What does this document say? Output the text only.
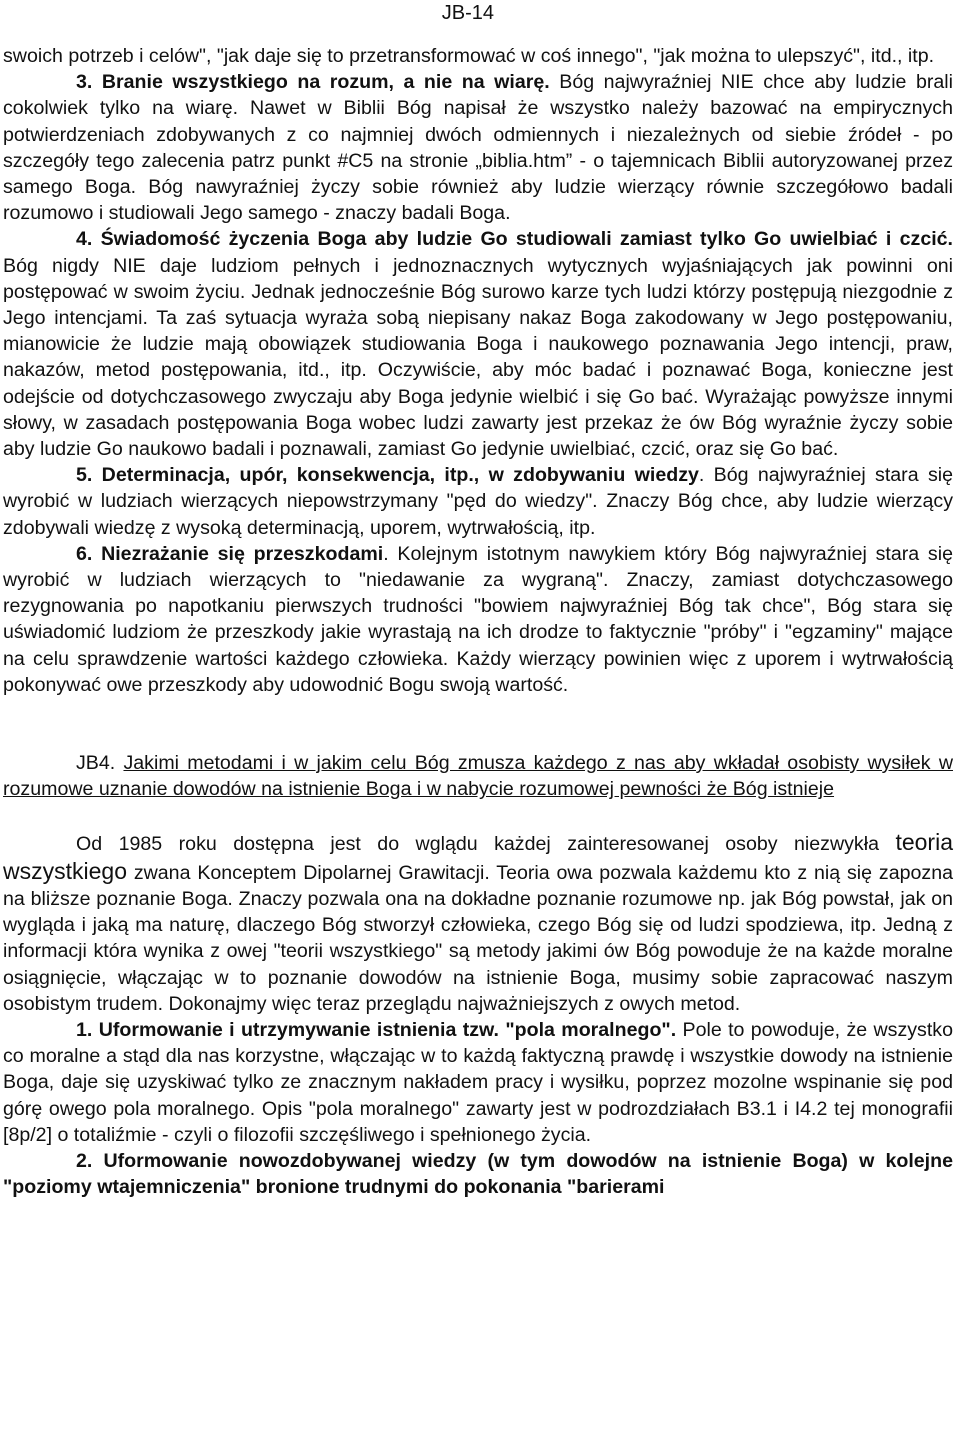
JB-14

swoich potrzeb i celów", "jak daje się to przetransformować w coś innego", "jak można to ulepszyć", itd., itp.

3. Branie wszystkiego na rozum, a nie na wiarę. Bóg najwyraźniej NIE chce aby ludzie brali cokolwiek tylko na wiarę. Nawet w Biblii Bóg napisał że wszystko należy bazować na empirycznych potwierdzeniach zdobywanych z co najmniej dwóch odmiennych i niezależnych od siebie źródeł - po szczegóły tego zalecenia patrz punkt #C5 na stronie „biblia.htm” - o tajemnicach Biblii autoryzowanej przez samego Boga. Bóg nawyraźniej życzy sobie również aby ludzie wierzący równie szczegółowo badali rozumowo i studiowali Jego samego - znaczy badali Boga.

4. Świadomość życzenia Boga aby ludzie Go studiowali zamiast tylko Go uwielbiać i czcić. Bóg nigdy NIE daje ludziom pełnych i jednoznacznych wytycznych wyjaśniających jak powinni oni postępować w swoim życiu. Jednak jednocześnie Bóg surowo karze tych ludzi którzy postępują niezgodnie z Jego intencjami. Ta zaś sytuacja wyraża sobą niepisany nakaz Boga zakodowany w Jego postępowaniu, mianowicie że ludzie mają obowiązek studiowania Boga i naukowego poznawania Jego intencji, praw, nakazów, metod postępowania, itd., itp. Oczywiście, aby móc badać i poznawać Boga, konieczne jest odejście od dotychczasowego zwyczaju aby Boga jedynie wielbić i się Go bać. Wyrażając powyższe innymi słowy, w zasadach postępowania Boga wobec ludzi zawarty jest przekaz że ów Bóg wyraźnie życzy sobie aby ludzie Go naukowo badali i poznawali, zamiast Go jedynie uwielbiać, czcić, oraz się Go bać.

5. Determinacja, upór, konsekwencja, itp., w zdobywaniu wiedzy. Bóg najwyraźniej stara się wyrobić w ludziach wierzących niepowstrzymany "pęd do wiedzy". Znaczy Bóg chce, aby ludzie wierzący zdobywali wiedzę z wysoką determinacją, uporem, wytrwałością, itp.

6. Niezrażanie się przeszkodami. Kolejnym istotnym nawykiem który Bóg najwyraźniej stara się wyrobić w ludziach wierzących to "niedawanie za wygraną". Znaczy, zamiast dotychczasowego rezygnowania po napotkaniu pierwszych trudności "bowiem najwyraźniej Bóg tak chce", Bóg stara się uświadomić ludziom że przeszkody jakie wyrastają na ich drodze to faktycznie "próby" i "egzaminy" mające na celu sprawdzenie wartości każdego człowieka. Każdy wierzący powinien więc z uporem i wytrwałością pokonywać owe przeszkody aby udowodnić Bogu swoją wartość.

JB4. Jakimi metodami i w jakim celu Bóg zmusza każdego z nas aby wkładał osobisty wysiłek w rozumowe uznanie dowodów na istnienie Boga i w nabycie rozumowej pewności że Bóg istnieje

Od 1985 roku dostępna jest do wglądu każdej zainteresowanej osoby niezwykła teoria wszystkiego zwana Konceptem Dipolarnej Grawitacji. Teoria owa pozwala każdemu kto z nią się zapozna na bliższe poznanie Boga. Znaczy pozwala ona na dokładne poznanie rozumowe np. jak Bóg powstał, jak on wygląda i jaką ma naturę, dlaczego Bóg stworzył człowieka, czego Bóg się od ludzi spodziewa, itp. Jedną z informacji która wynika z owej "teorii wszystkiego" są metody jakimi ów Bóg powoduje że na każde moralne osiągnięcie, włączając w to poznanie dowodów na istnienie Boga, musimy sobie zapracować naszym osobistym trudem. Dokonajmy więc teraz przeglądu najważniejszych z owych metod.

1. Uformowanie i utrzymywanie istnienia tzw. "pola moralnego". Pole to powoduje, że wszystko co moralne a stąd dla nas korzystne, włączając w to każdą faktyczną prawdę i wszystkie dowody na istnienie Boga, daje się uzyskiwać tylko ze znacznym nakładem pracy i wysiłku, poprzez mozolne wspinanie się pod górę owego pola moralnego. Opis "pola moralnego" zawarty jest w podrozdziałach B3.1 i I4.2 tej monografii [8p/2] o totaliźmie - czyli o filozofii szczęśliwego i spełnionego życia.

2. Uformowanie nowozdobywanej wiedzy (w tym dowodów na istnienie Boga) w kolejne "poziomy wtajemniczenia" bronione trudnymi do pokonania "barierami
